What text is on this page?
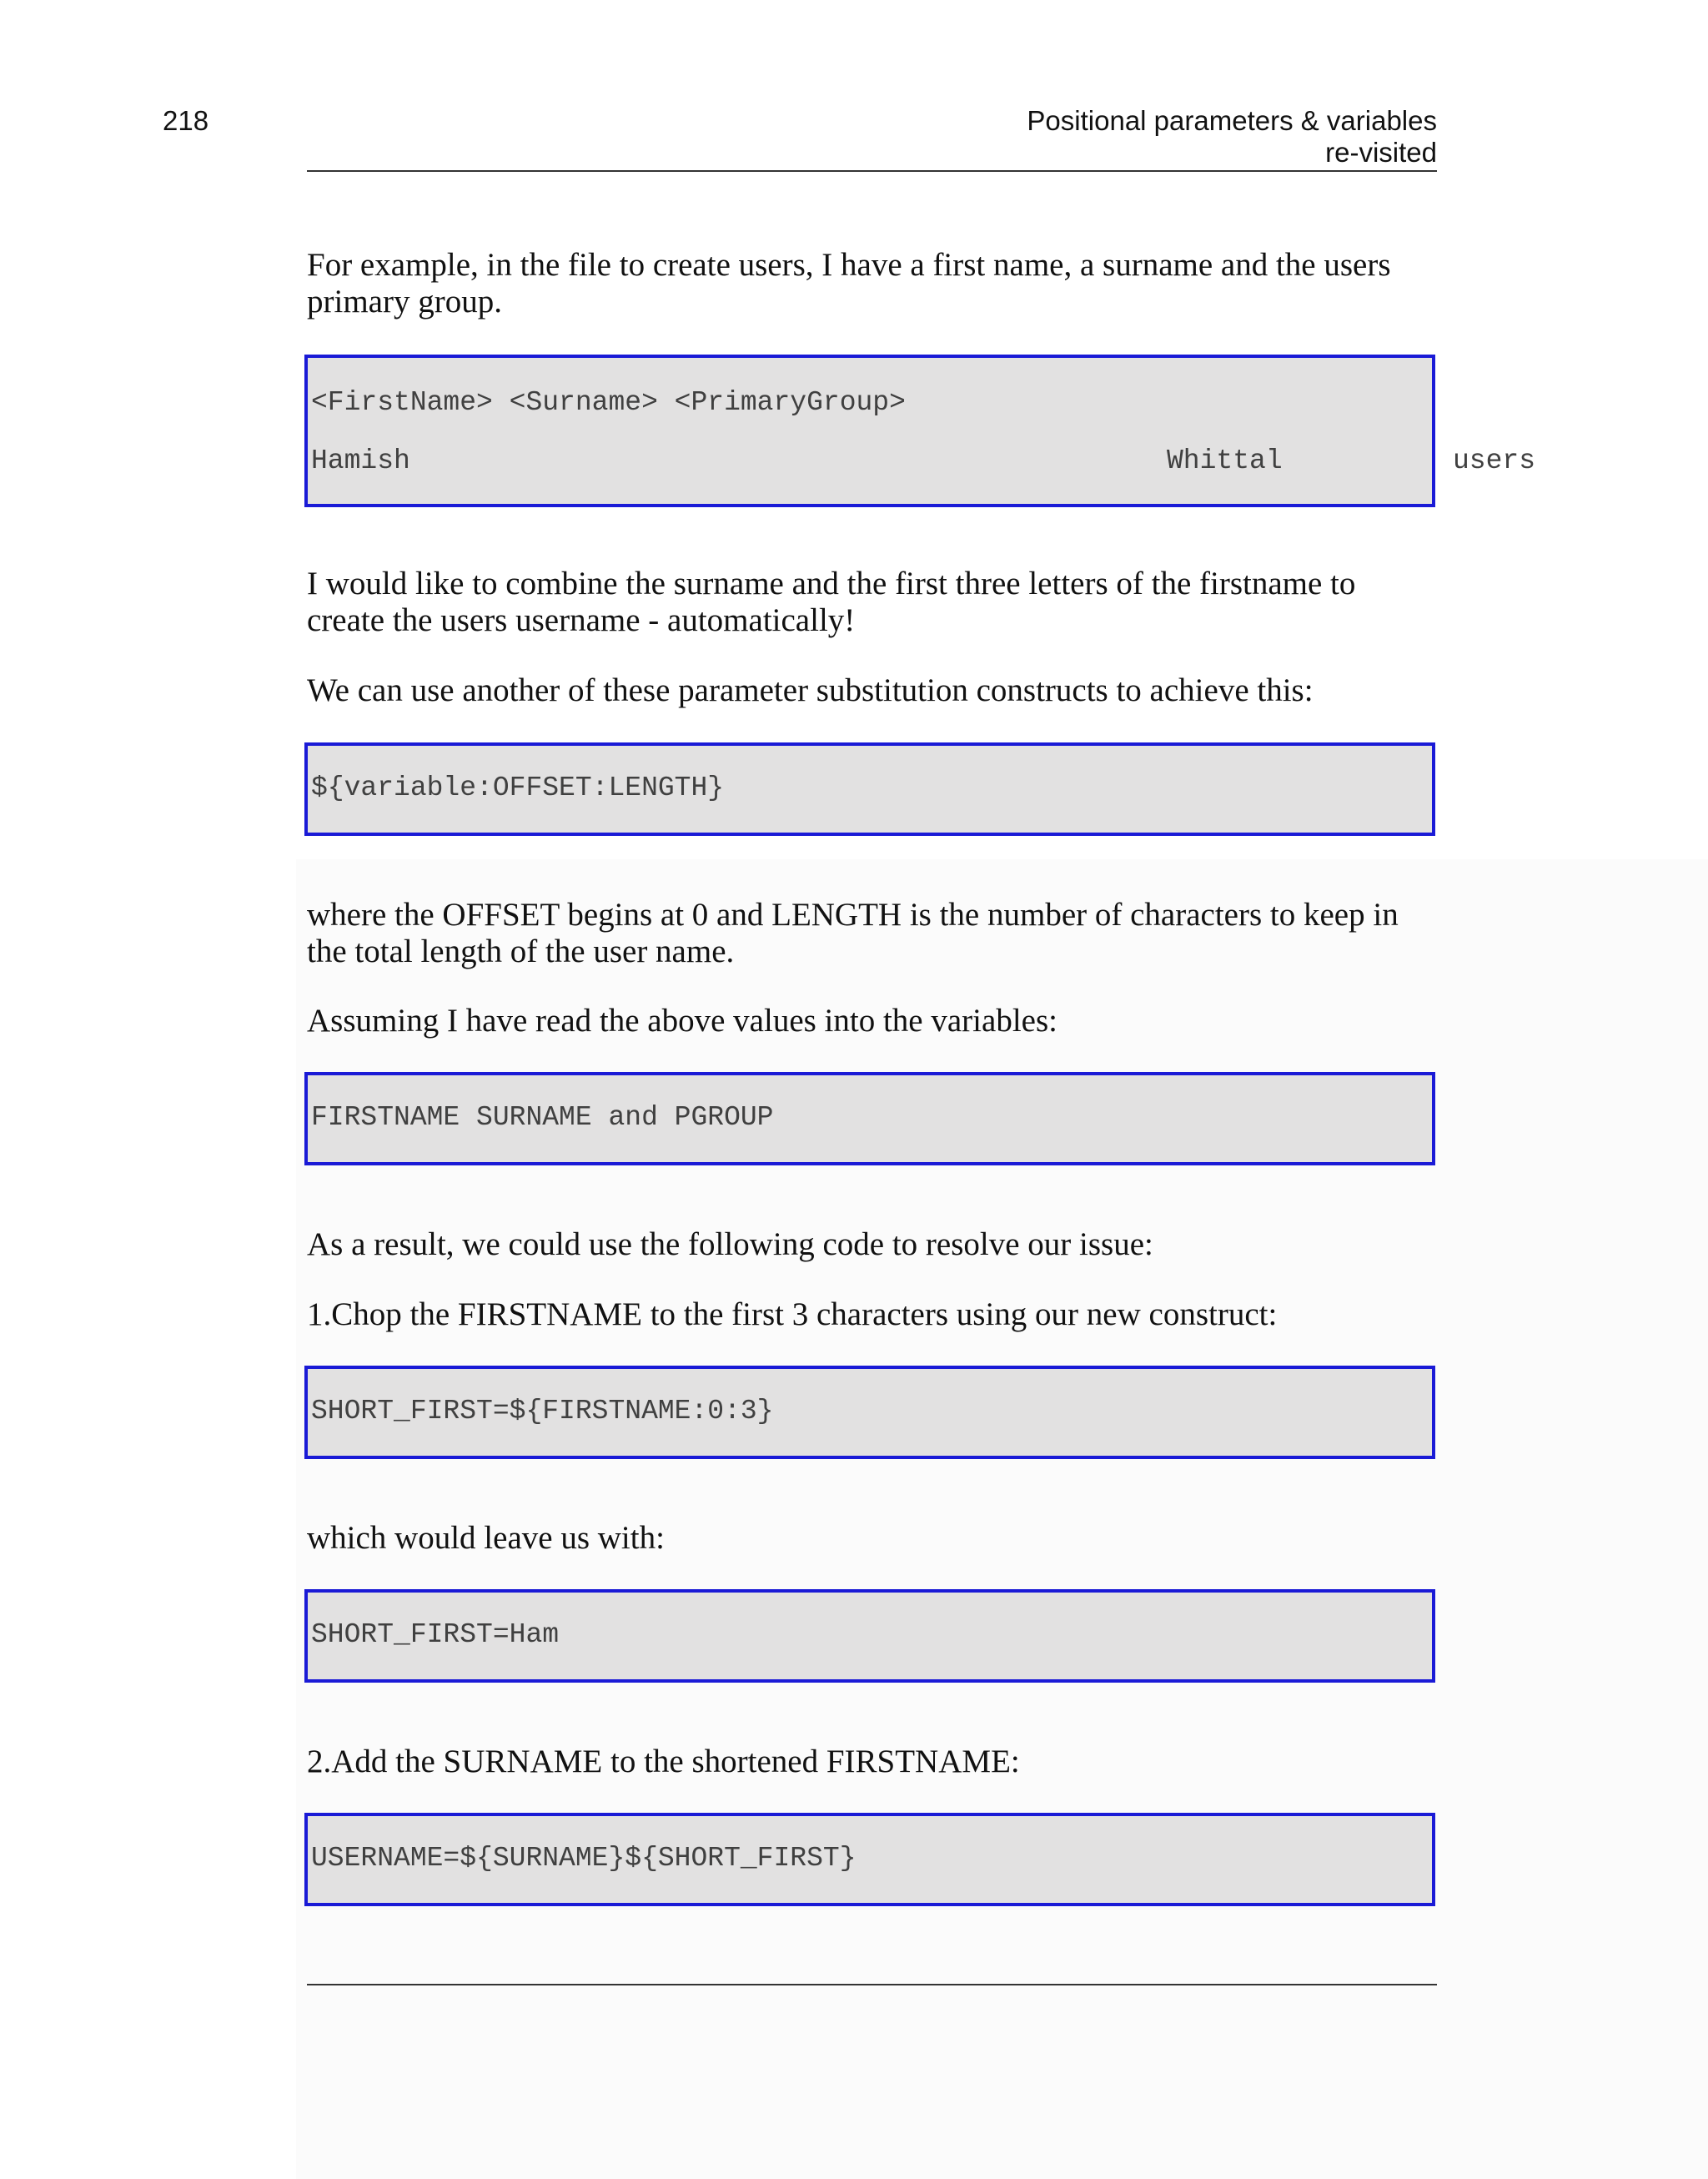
218	Positional parameters & variables
re-visited

For example, in the file to create users, I have a first name, a surname and the users primary group.

<FirstName> <Surname> <PrimaryGroup>
Hamish	Whittal	users

I would like to combine the surname and the first three letters of the firstname to create the users username - automatically!

We can use another of these parameter substitution constructs to achieve this:

${variable:OFFSET:LENGTH}

where the OFFSET begins at 0 and LENGTH is the number of characters to keep in the total length of the user name.

Assuming I have read the above values into the variables:

FIRSTNAME SURNAME and PGROUP

As a result, we could use the following code to resolve our issue:

1.Chop the FIRSTNAME to the first 3 characters using our new construct:

SHORT_FIRST=${FIRSTNAME:0:3}

which would leave us with:

SHORT_FIRST=Ham

2.Add the SURNAME to the shortened FIRSTNAME:

USERNAME=${SURNAME}${SHORT_FIRST}
